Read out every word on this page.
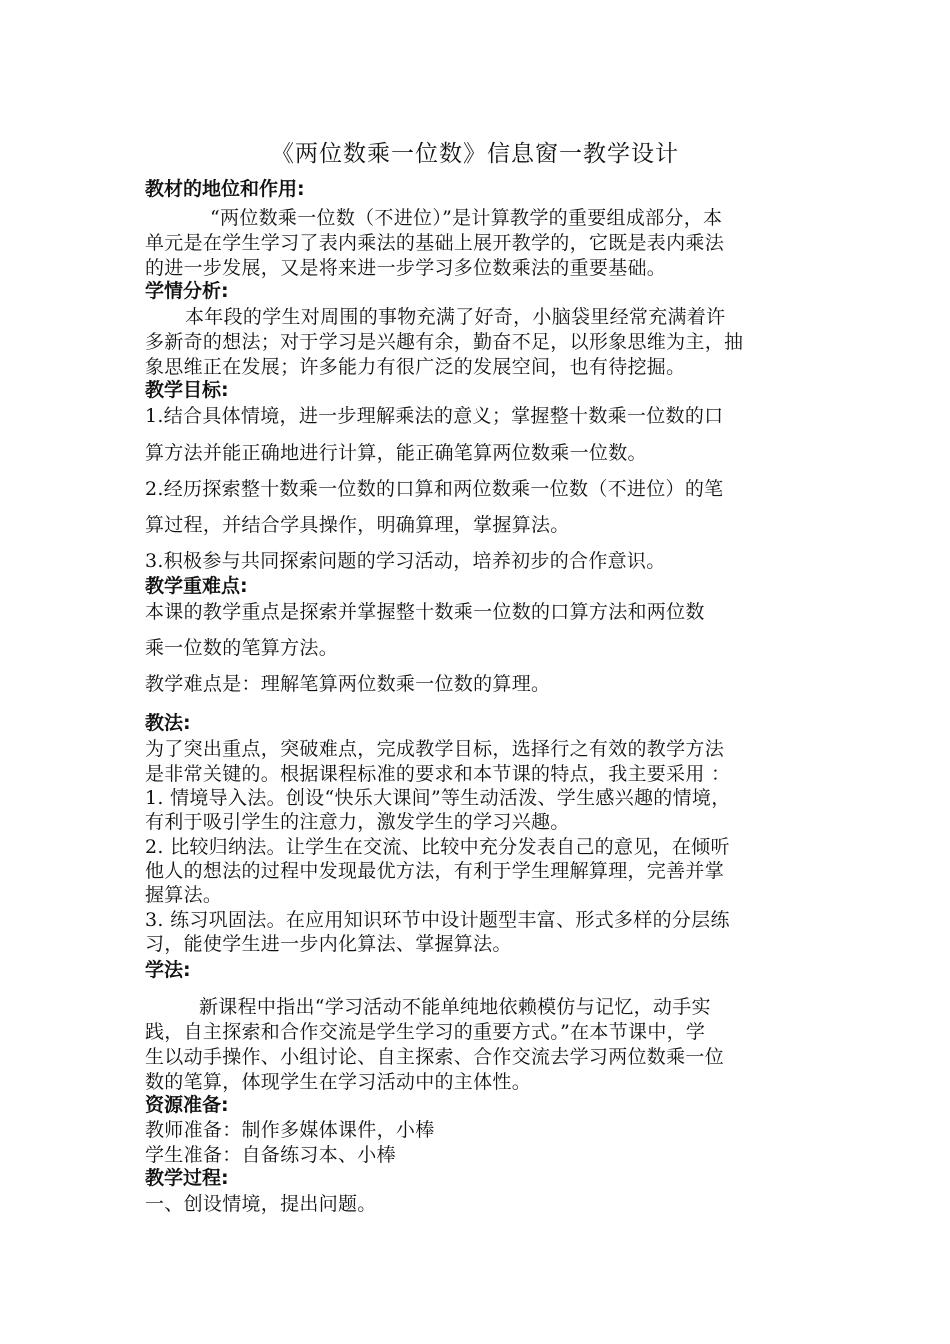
《两位数乘一位数》信息窗一教学设计
教材的地位和作用:
“两位数乘一位数（不进位）”是计算教学的重要组成部分，本
单元是在学生学习了表内乘法的基础上展开教学的，它既是表内乘法
的进一步发展，又是将来进一步学习多位数乘法的重要基础。
学情分析:
本年段的学生对周围的事物充满了好奇，小脑袋里经常充满着许
多新奇的想法；对于学习是兴趣有余，勤奋不足，以形象思维为主，抽
象思维正在发展；许多能力有很广泛的发展空间，也有待挖掘。
教学目标:
1.结合具体情境，进一步理解乘法的意义；掌握整十数乘一位数的口
算方法并能正确地进行计算，能正确笔算两位数乘一位数。
2.经历探索整十数乘一位数的口算和两位数乘一位数（不进位）的笔
算过程，并结合学具操作，明确算理，掌握算法。
3.积极参与共同探索问题的学习活动，培养初步的合作意识。
教学重难点:
本课的教学重点是探索并掌握整十数乘一位数的口算方法和两位数
乘一位数的笔算方法。
教学难点是：理解笔算两位数乘一位数的算理。
教法:
为了突出重点，突破难点，完成教学目标，选择行之有效的教学方法
是非常关键的。根据课程标准的要求和本节课的特点，我主要采用 ：
1. 情境导入法。创设“快乐大课间”等生动活泼、学生感兴趣的情境，
有利于吸引学生的注意力，激发学生的学习兴趣。
2. 比较归纳法。让学生在交流、比较中充分发表自己的意见，在倾听
他人的想法的过程中发现最优方法，有利于学生理解算理，完善并掌
握算法。
3. 练习巩固法。在应用知识环节中设计题型丰富、形式多样的分层练
习，能使学生进一步内化算法、掌握算法。
学法:
新课程中指出“学习活动不能单纯地依赖模仿与记忆，动手实
践，自主探索和合作交流是学生学习的重要方式。”在本节课中，学
生以动手操作、小组讨论、自主探索、合作交流去学习两位数乘一位
数的笔算，体现学生在学习活动中的主体性。
资源准备:
教师准备：制作多媒体课件，小棒
学生准备：自备练习本、小棒
教学过程:
一、创设情境，提出问题。
